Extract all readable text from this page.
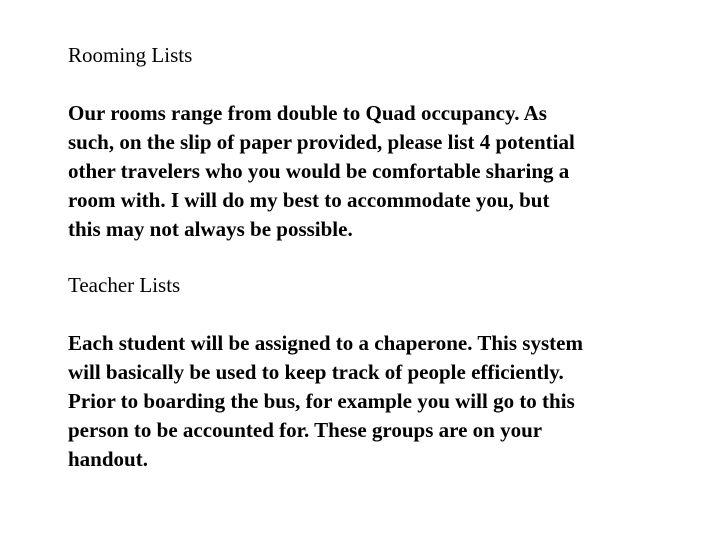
Rooming Lists

Our rooms range from double to Quad occupancy. As
such, on the slip of paper provided, please list 4 potential
other travelers who you would be comfortable sharing a
room with. I will do my best to accommodate you, but
this may not always be possible.

Teacher Lists

Each student will be assigned to a chaperone. This system
will basically be used to keep track of people efficiently.
Prior to boarding the bus, for example you will go to this
person to be accounted for. These groups are on your
handout.
